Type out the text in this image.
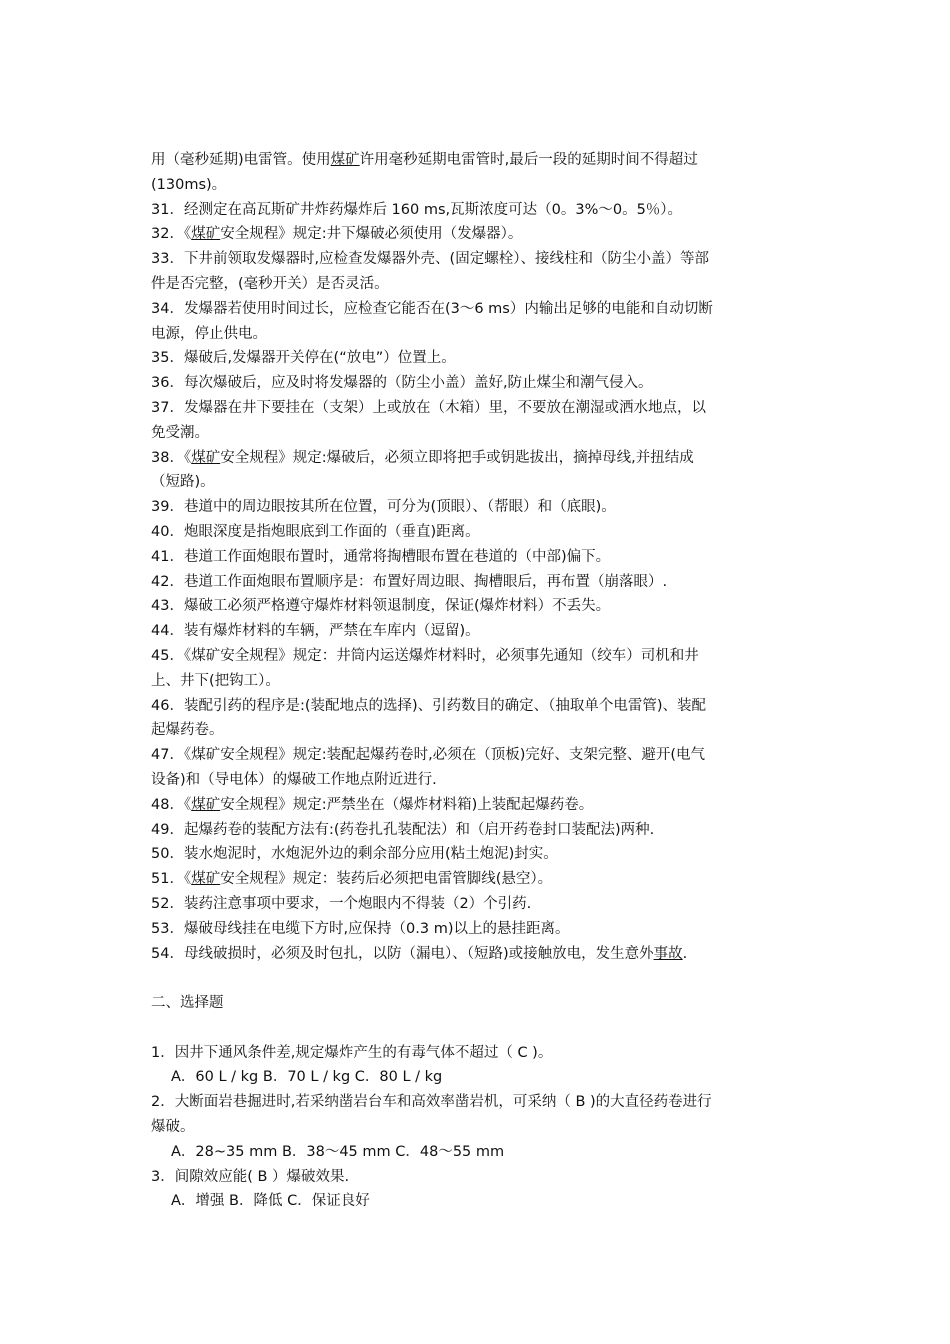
用（毫秒延期)电雷管。使用煤矿许用毫秒延期电雷管时,最后一段的延期时间不得超过
(130ms)。
31．经测定在高瓦斯矿井炸药爆炸后 160 ms,瓦斯浓度可达（0。3%～0。5％）。
32．《煤矿安全规程》规定:井下爆破必须使用（发爆器）。
33．下井前领取发爆器时,应检查发爆器外壳、(固定螺栓）、接线柱和（防尘小盖）等部
件是否完整，(毫秒开关）是否灵活。
34．发爆器若使用时间过长，应检查它能否在(3～6 ms）内输出足够的电能和自动切断
电源，停止供电。
35．爆破后,发爆器开关停在(“放电”）位置上。
36．每次爆破后，应及时将发爆器的（防尘小盖）盖好,防止煤尘和潮气侵入。
37．发爆器在井下要挂在（支架）上或放在（木箱）里，不要放在潮湿或洒水地点，以
免受潮。
38．《煤矿安全规程》规定:爆破后，必须立即将把手或钥匙拔出，摘掉母线,并扭结成
（短路)。
39．巷道中的周边眼按其所在位置，可分为(顶眼）、（帮眼）和（底眼)。
40．炮眼深度是指炮眼底到工作面的（垂直)距离。
41．巷道工作面炮眼布置时，通常将掏槽眼布置在巷道的（中部)偏下。
42．巷道工作面炮眼布置顺序是：布置好周边眼、掏槽眼后，再布置（崩落眼）.
43．爆破工必须严格遵守爆炸材料领退制度，保证(爆炸材料）不丢失。
44．装有爆炸材料的车辆，严禁在车库内（逗留)。
45．《煤矿安全规程》规定：井筒内运送爆炸材料时，必须事先通知（绞车）司机和井
上、井下(把钩工）。
46．装配引药的程序是:(装配地点的选择)、引药数目的确定、（抽取单个电雷管)、装配
起爆药卷。
47．《煤矿安全规程》规定:装配起爆药卷时,必须在（顶板)完好、支架完整、避开(电气
设备)和（导电体）的爆破工作地点附近进行.
48．《煤矿安全规程》规定:严禁坐在（爆炸材料箱)上装配起爆药卷。
49．起爆药卷的装配方法有:(药卷扎孔装配法）和（启开药卷封口装配法)两种.
50．装水炮泥时，水炮泥外边的剩余部分应用(粘土炮泥)封实。
51．《煤矿安全规程》规定：装药后必须把电雷管脚线(悬空）。
52．装药注意事项中要求，一个炮眼内不得装（2）个引药.
53．爆破母线挂在电缆下方时,应保持（0.3 m)以上的悬挂距离。
54．母线破损时，必须及时包扎，以防（漏电）、（短路)或接触放电，发生意外事故.
二、选择题
1．因井下通风条件差,规定爆炸产生的有毒气体不超过（ C )。
A．60 L / kg B．70 L / kg C．80 L / kg
2．大断面岩巷掘进时,若采纳凿岩台车和高效率凿岩机，可采纳（ B )的大直径药卷进行
爆破。
A．28~35 mm B．38～45 mm C．48～55 mm
3．间隙效应能( B ）爆破效果.
A．增强 B．降低 C．保证良好
